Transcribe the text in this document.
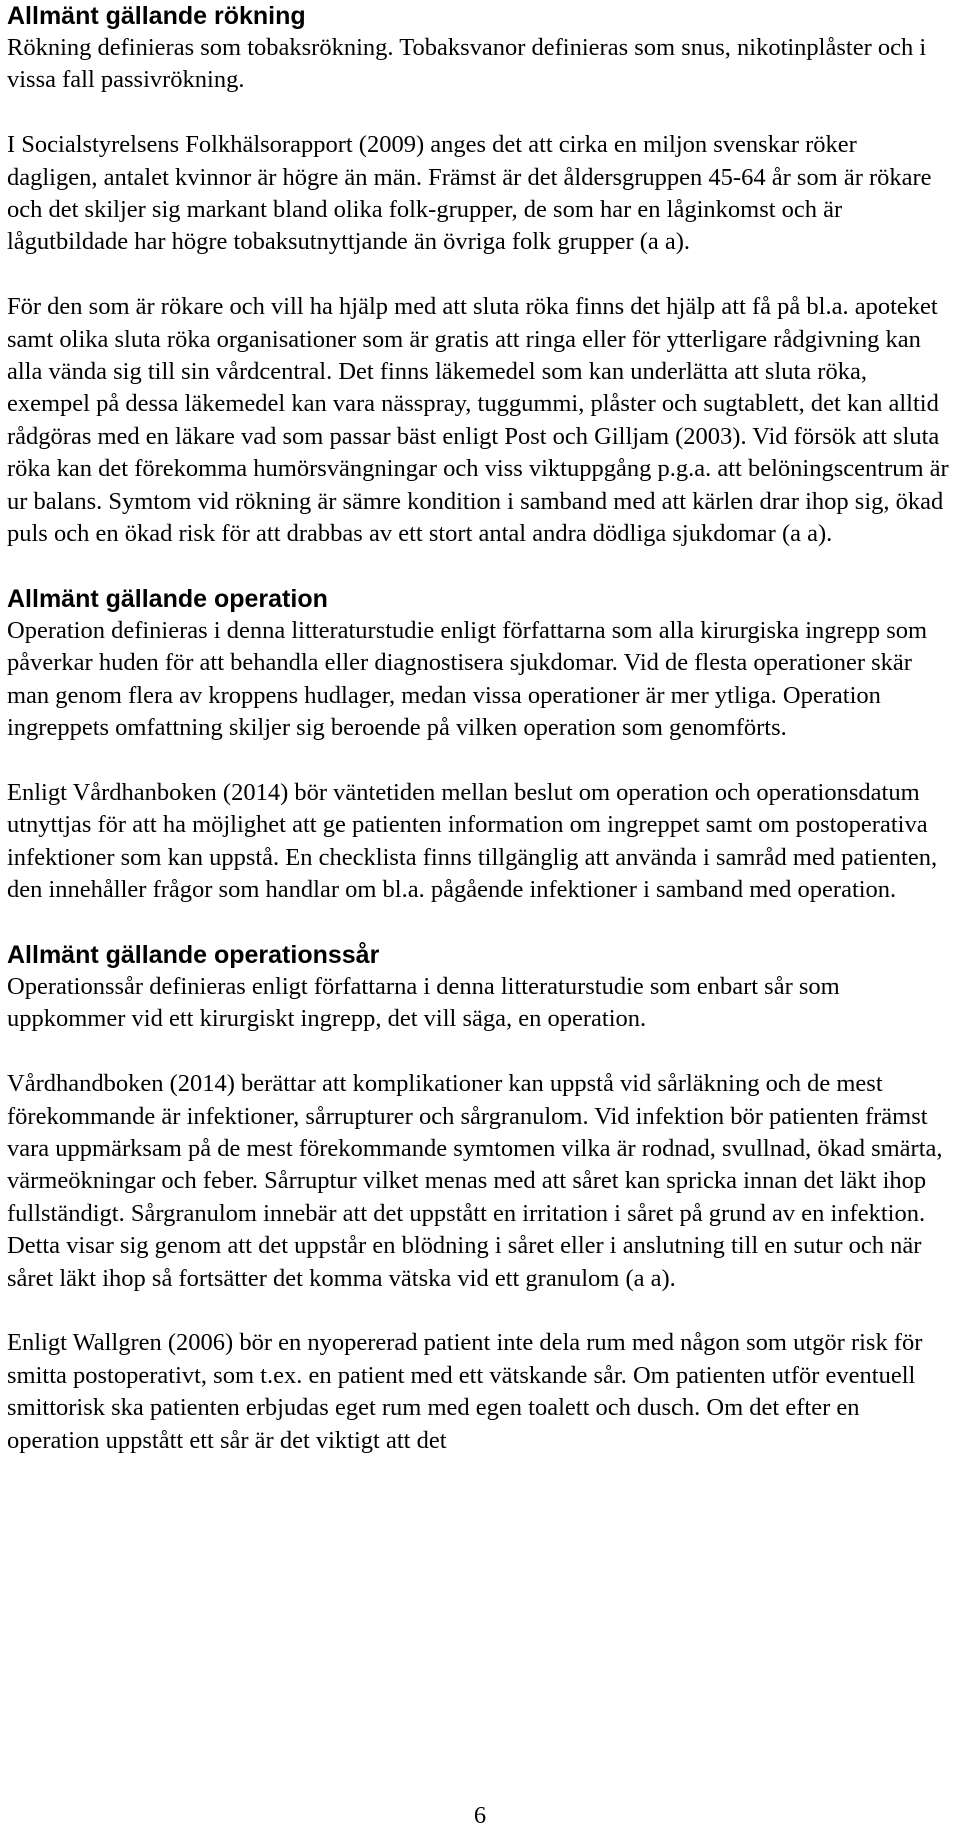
Allmänt gällande rökning

Rökning definieras som tobaksrökning. Tobaksvanor definieras som snus, nikotinplåster och i vissa fall passivrökning.

I Socialstyrelsens Folkhälsorapport (2009) anges det att cirka en miljon svenskar röker dagligen, antalet kvinnor är högre än män. Främst är det åldersgruppen 45-64 år som är rökare och det skiljer sig markant bland olika folk-grupper, de som har en låginkomst och är lågutbildade har högre tobaksutnyttjande än övriga folk grupper (a a).

För den som är rökare och vill ha hjälp med att sluta röka finns det hjälp att få på bl.a. apoteket samt olika sluta röka organisationer som är gratis att ringa eller för ytterligare rådgivning kan alla vända sig till sin vårdcentral. Det finns läkemedel som kan underlätta att sluta röka, exempel på dessa läkemedel kan vara nässpray, tuggummi, plåster och sugtablett, det kan alltid rådgöras med en läkare vad som passar bäst enligt Post och Gilljam (2003). Vid försök att sluta röka kan det förekomma humörsvängningar och viss viktuppgång p.g.a. att belöningscentrum är ur balans. Symtom vid rökning är sämre kondition i samband med att kärlen drar ihop sig, ökad puls och en ökad risk för att drabbas av ett stort antal andra dödliga sjukdomar (a a).

Allmänt gällande operation

Operation definieras i denna litteraturstudie enligt författarna som alla kirurgiska ingrepp som påverkar huden för att behandla eller diagnostisera sjukdomar. Vid de flesta operationer skär man genom flera av kroppens hudlager, medan vissa operationer är mer ytliga. Operation ingreppets omfattning skiljer sig beroende på vilken operation som genomförts.

Enligt Vårdhanboken (2014) bör väntetiden mellan beslut om operation och operationsdatum utnyttjas för att ha möjlighet att ge patienten information om ingreppet samt om postoperativa infektioner som kan uppstå. En checklista finns tillgänglig att använda i samråd med patienten, den innehåller frågor som handlar om bl.a. pågående infektioner i samband med operation.

Allmänt gällande operationssår

Operationssår definieras enligt författarna i denna litteraturstudie som enbart sår som uppkommer vid ett kirurgiskt ingrepp, det vill säga, en operation.

Vårdhandboken (2014) berättar att komplikationer kan uppstå vid sårläkning och de mest förekommande är infektioner, sårrupturer och sårgranulom. Vid infektion bör patienten främst vara uppmärksam på de mest förekommande symtomen vilka är rodnad, svullnad, ökad smärta, värmeökningar och feber. Sårruptur vilket menas med att såret kan spricka innan det läkt ihop fullständigt. Sårgranulom innebär att det uppstått en irritation i såret på grund av en infektion. Detta visar sig genom att det uppstår en blödning i såret eller i anslutning till en sutur och när såret läkt ihop så fortsätter det komma vätska vid ett granulom (a a).

Enligt Wallgren (2006) bör en nyopererad patient inte dela rum med någon som utgör risk för smitta postoperativt, som t.ex. en patient med ett vätskande sår. Om patienten utför eventuell smittorisk ska patienten erbjudas eget rum med egen toalett och dusch. Om det efter en operation uppstått ett sår är det viktigt att det

6
